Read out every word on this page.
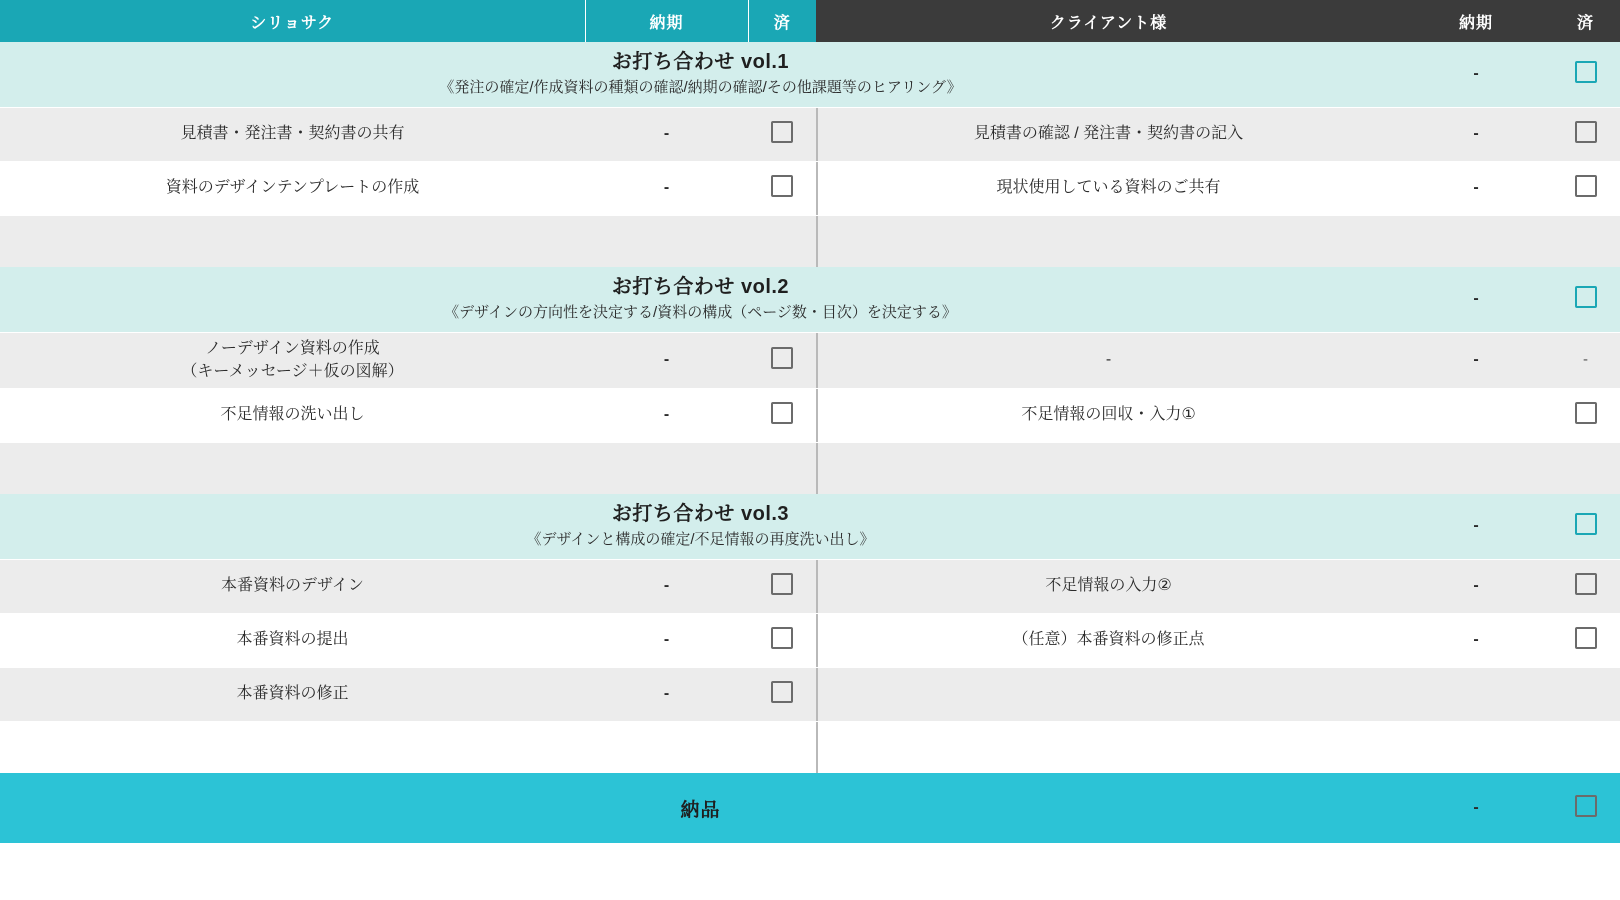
シリョサク	納期	済	クライアント様	納期	済

お打ち合わせ vol.1
《発注の確定/作成資料の種類の確認/納期の確認/その他課題等のヒアリング》				-	

見積書・発注書・契約書の共有	-		見積書の確認 / 発注書・契約書の記入	-	

資料のデザインテンプレートの作成	-		現状使用している資料のご共有	-	

お打ち合わせ vol.2
《デザインの方向性を決定する/資料の構成（ページ数・目次）を決定する》				-	

ノーデザイン資料の作成
（キーメッセージ＋仮の図解）	-		-	-	-

不足情報の洗い出し	-		不足情報の回収・入力①		

お打ち合わせ vol.3
《デザインと構成の確定/不足情報の再度洗い出し》				-	

本番資料のデザイン	-		不足情報の入力②	-	

本番資料の提出	-		（任意）本番資料の修正点	-	

本番資料の修正	-		

納品				-	
